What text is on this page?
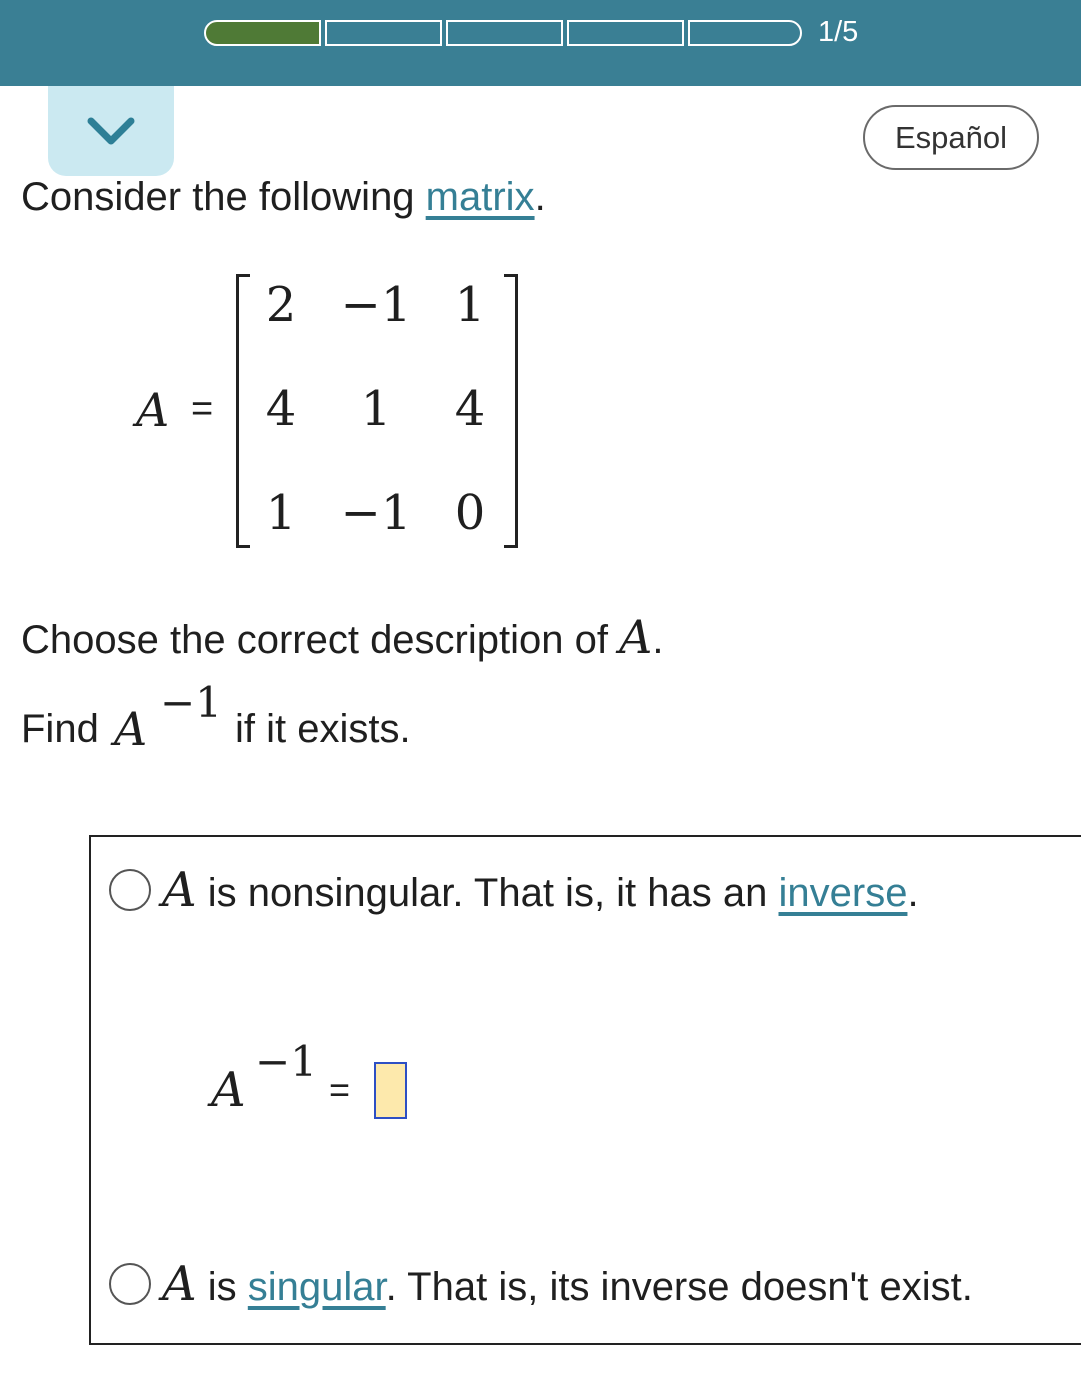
1/5
Español
Consider the following matrix.
A =
2 −1 1
4	1	4
1 −1 0
Choose the correct description of A.
Find A −1
if it exists.
A is nonsingular. That is, it has an inverse.
A
−1
=
A is singular. That is, its inverse doesn't exist.
